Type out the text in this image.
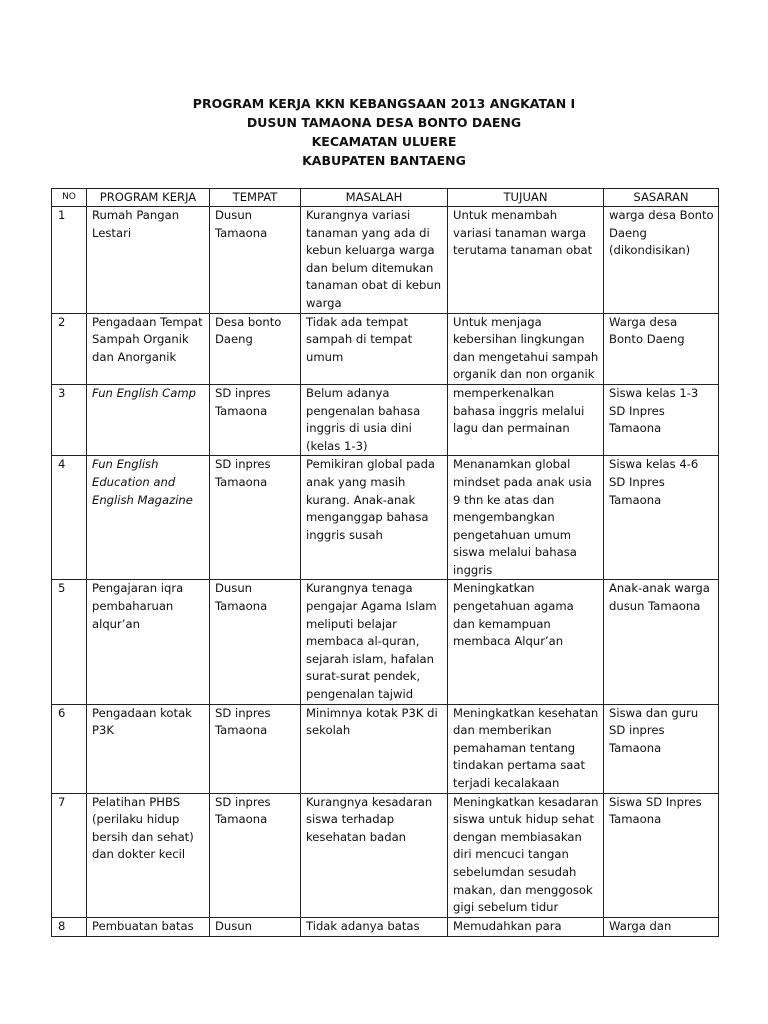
PROGRAM KERJA KKN KEBANGSAAN 2013 ANGKATAN I
DUSUN TAMAONA DESA BONTO DAENG
KECAMATAN ULUERE
KABUPATEN BANTAENG
NO	PROGRAM KERJA	TEMPAT	MASALAH	TUJUAN	SASARAN
1	Rumah Pangan Lestari	Dusun Tamaona	Kurangnya variasi tanaman yang ada di kebun keluarga warga dan belum ditemukan tanaman obat di kebun warga	Untuk menambah variasi tanaman warga terutama tanaman obat	warga desa Bonto Daeng (dikondisikan)
2	Pengadaan Tempat Sampah Organik dan Anorganik	Desa bonto Daeng	Tidak ada tempat sampah di tempat umum	Untuk menjaga kebersihan lingkungan dan mengetahui sampah organik dan non organik	Warga desa Bonto Daeng
3	Fun English Camp	SD inpres Tamaona	Belum adanya pengenalan bahasa inggris di usia dini (kelas 1-3)	memperkenalkan bahasa inggris melalui lagu dan permainan	Siswa kelas 1-3 SD Inpres Tamaona
4	Fun English Education and English Magazine	SD inpres Tamaona	Pemikiran global pada anak yang masih kurang. Anak-anak menganggap bahasa inggris susah	Menanamkan global mindset pada anak usia 9 thn ke atas dan mengembangkan pengetahuan umum siswa melalui bahasa inggris	Siswa kelas 4-6 SD Inpres Tamaona
5	Pengajaran iqra pembaharuan alqur’an	Dusun Tamaona	Kurangnya tenaga pengajar Agama Islam meliputi belajar membaca al-quran, sejarah islam, hafalan surat-surat pendek, pengenalan tajwid	Meningkatkan pengetahuan agama dan kemampuan membaca Alqur’an	Anak-anak warga dusun Tamaona
6	Pengadaan kotak P3K	SD inpres Tamaona	Minimnya kotak P3K di sekolah	Meningkatkan kesehatan dan memberikan pemahaman tentang tindakan pertama saat terjadi kecalakaan	Siswa dan guru SD inpres Tamaona
7	Pelatihan PHBS (perilaku hidup bersih dan sehat) dan dokter kecil	SD inpres Tamaona	Kurangnya kesadaran siswa terhadap kesehatan badan	Meningkatkan kesadaran siswa untuk hidup sehat dengan membiasakan diri mencuci tangan sebelumdan sesudah makan, dan menggosok gigi sebelum tidur	Siswa SD Inpres Tamaona
8	Pembuatan batas	Dusun	Tidak adanya batas	Memudahkan para	Warga dan
